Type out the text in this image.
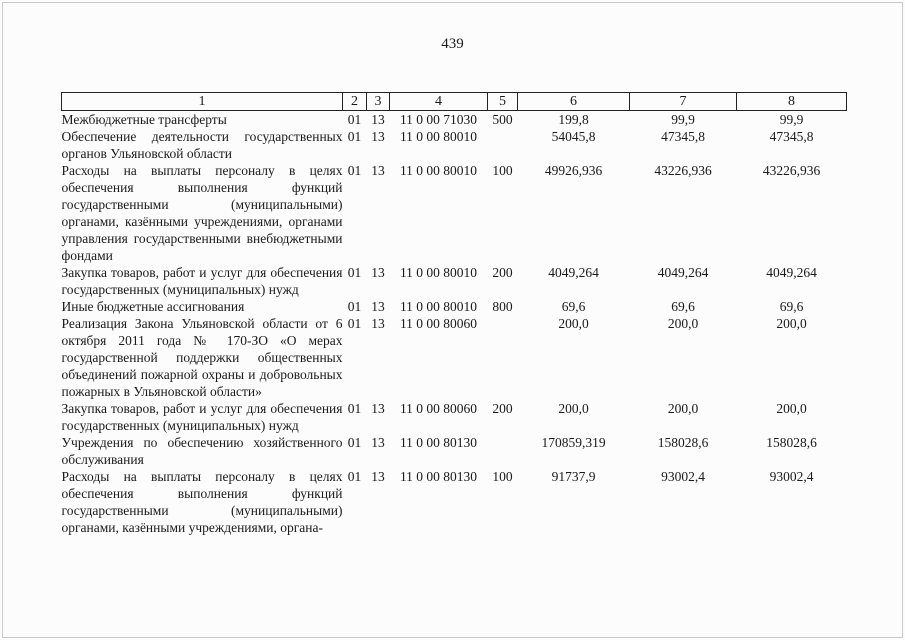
439
1	2	3	4	5	6	7	8
Межбюджетные трансферты	01	13	11 0 00 71030	500	199,8	99,9	99,9
Обеспечение деятельности государственных органов Ульяновской области	01	13	11 0 00 80010		54045,8	47345,8	47345,8
Расходы на выплаты персоналу в целях обеспечения выполнения функций государственными (муниципальными) органами, казёнными учреждениями, органами управления государственными внебюджетными фондами	01	13	11 0 00 80010	100	49926,936	43226,936	43226,936
Закупка товаров, работ и услуг для обеспечения государственных (муниципальных) нужд	01	13	11 0 00 80010	200	4049,264	4049,264	4049,264
Иные бюджетные ассигнования	01	13	11 0 00 80010	800	69,6	69,6	69,6
Реализация Закона Ульяновской области от 6 октября 2011 года № 170-ЗО «О мерах государственной поддержки общественных объединений пожарной охраны и добровольных пожарных в Ульяновской области»	01	13	11 0 00 80060		200,0	200,0	200,0
Закупка товаров, работ и услуг для обеспечения государственных (муниципальных) нужд	01	13	11 0 00 80060	200	200,0	200,0	200,0
Учреждения по обеспечению хозяйственного обслуживания	01	13	11 0 00 80130		170859,319	158028,6	158028,6
Расходы на выплаты персоналу в целях обеспечения выполнения функций государственными (муниципальными) органами, казёнными учреждениями, органа-	01	13	11 0 00 80130	100	91737,9	93002,4	93002,4
